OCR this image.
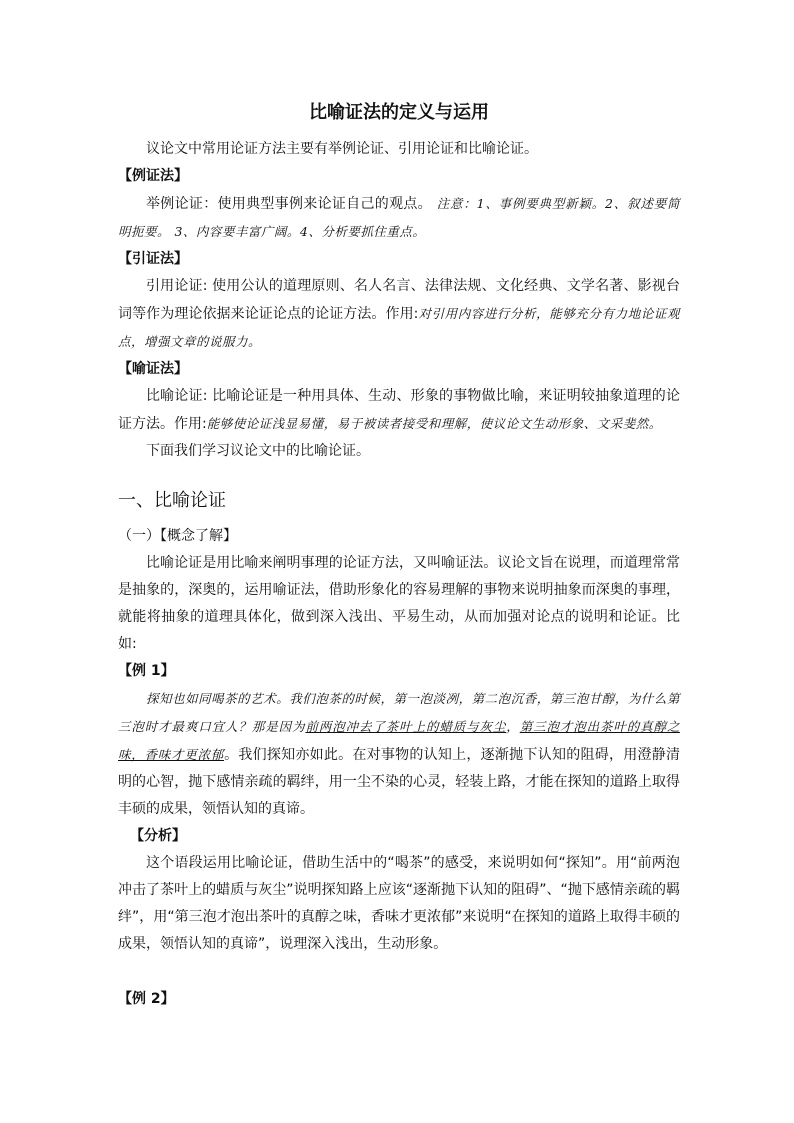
比喻证法的定义与运用

议论文中常用论证方法主要有举例论证、引用论证和比喻论证。

【例证法】

举例论证：使用典型事例来论证自己的观点。 注意：1、事例要典型新颖。2、叙述要简明扼要。 3、内容要丰富广阔。4、分析要抓住重点。

【引证法】

引用论证: 使用公认的道理原则、名人名言、法律法规、文化经典、文学名著、影视台词等作为理论依据来论证论点的论证方法。作用:对引用内容进行分析，能够充分有力地论证观点，增强文章的说服力。

【喻证法】

比喻论证: 比喻论证是一种用具体、生动、形象的事物做比喻，来证明较抽象道理的论证方法。作用:能够使论证浅显易懂，易于被读者接受和理解，使议论文生动形象、文采斐然。

下面我们学习议论文中的比喻论证。

一、比喻论证

（一）【概念了解】

比喻论证是用比喻来阐明事理的论证方法，又叫喻证法。议论文旨在说理，而道理常常是抽象的，深奥的，运用喻证法，借助形象化的容易理解的事物来说明抽象而深奥的事理，就能将抽象的道理具体化，做到深入浅出、平易生动，从而加强对论点的说明和论证。比如:

【例 1】

探知也如同喝茶的艺术。我们泡茶的时候，第一泡淡冽，第二泡沉香，第三泡甘醇，为什么第三泡时才最爽口宜人？那是因为前两泡冲去了茶叶上的蜡质与灰尘，第三泡才泡出茶叶的真醇之味，香味才更浓郁。我们探知亦如此。在对事物的认知上，逐渐抛下认知的阻碍，用澄静清明的心智，抛下感情亲疏的羁绊，用一尘不染的心灵，轻装上路，才能在探知的道路上取得丰硕的成果，领悟认知的真谛。

【分析】

这个语段运用比喻论证，借助生活中的“喝茶”的感受，来说明如何“探知”。用“前两泡冲击了茶叶上的蜡质与灰尘”说明探知路上应该“逐渐抛下认知的阻碍”、“抛下感情亲疏的羁绊”，用“第三泡才泡出茶叶的真醇之味，香味才更浓郁”来说明“在探知的道路上取得丰硕的成果，领悟认知的真谛”，说理深入浅出，生动形象。

【例 2】
